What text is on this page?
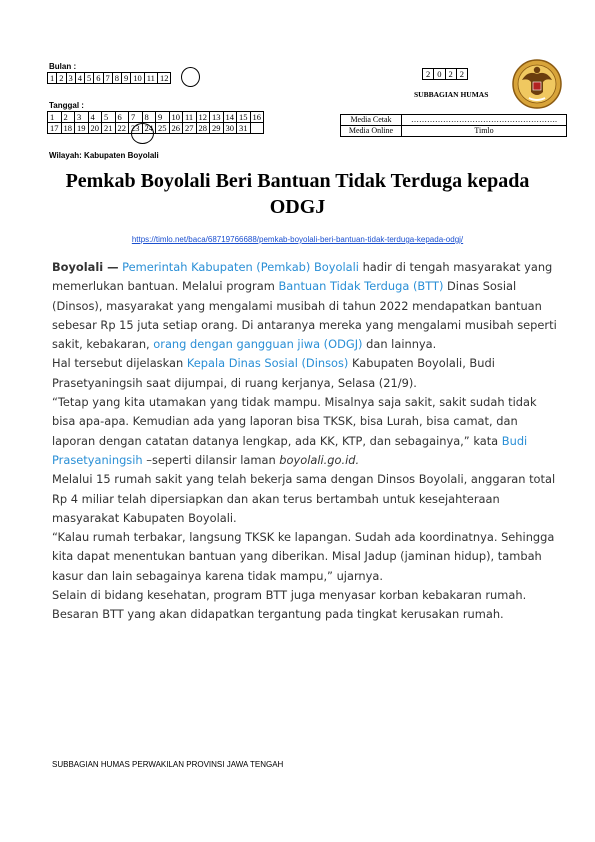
Bulan :
1	2	3	4	5	6	7	8	9	10	11	12
Tanggal :
1	2	3	4	5	6	7	8	9	10	11	12	13	14	15	16
17	18	19	20	21	22	23	24	25	26	27	28	29	30	31	
Wilayah: Kabupaten Boyolali
2	0	2	2
SUBBAGIAN HUMAS
Media Cetak	……………………………………………….
Media Online	Timlo
Pemkab Boyolali Beri Bantuan Tidak Terduga kepada ODGJ
https://timlo.net/baca/68719766688/pemkab-boyolali-beri-bantuan-tidak-terduga-kepada-odgj/

Boyolali — Pemerintah Kabupaten (Pemkab) Boyolali hadir di tengah masyarakat yang memerlukan bantuan. Melalui program Bantuan Tidak Terduga (BTT) Dinas Sosial (Dinsos), masyarakat yang mengalami musibah di tahun 2022 mendapatkan bantuan sebesar Rp 15 juta setiap orang. Di antaranya mereka yang mengalami musibah seperti sakit, kebakaran, orang dengan gangguan jiwa (ODGJ) dan lainnya.

Hal tersebut dijelaskan Kepala Dinas Sosial (Dinsos) Kabupaten Boyolali, Budi Prasetyaningsih saat dijumpai, di ruang kerjanya, Selasa (21/9).

“Tetap yang kita utamakan yang tidak mampu. Misalnya saja sakit, sakit sudah tidak bisa apa-apa. Kemudian ada yang laporan bisa TKSK, bisa Lurah, bisa camat, dan laporan dengan catatan datanya lengkap, ada KK, KTP, dan sebagainya,” kata Budi Prasetyaningsih –seperti dilansir laman boyolali.go.id.

Melalui 15 rumah sakit yang telah bekerja sama dengan Dinsos Boyolali, anggaran total Rp 4 miliar telah dipersiapkan dan akan terus bertambah untuk kesejahteraan masyarakat Kabupaten Boyolali.

“Kalau rumah terbakar, langsung TKSK ke lapangan. Sudah ada koordinatnya. Sehingga kita dapat menentukan bantuan yang diberikan. Misal Jadup (jaminan hidup), tambah kasur dan lain sebagainya karena tidak mampu,” ujarnya.

Selain di bidang kesehatan, program BTT juga menyasar korban kebakaran rumah. Besaran BTT yang akan didapatkan tergantung pada tingkat kerusakan rumah.

SUBBAGIAN HUMAS PERWAKILAN PROVINSI JAWA TENGAH
